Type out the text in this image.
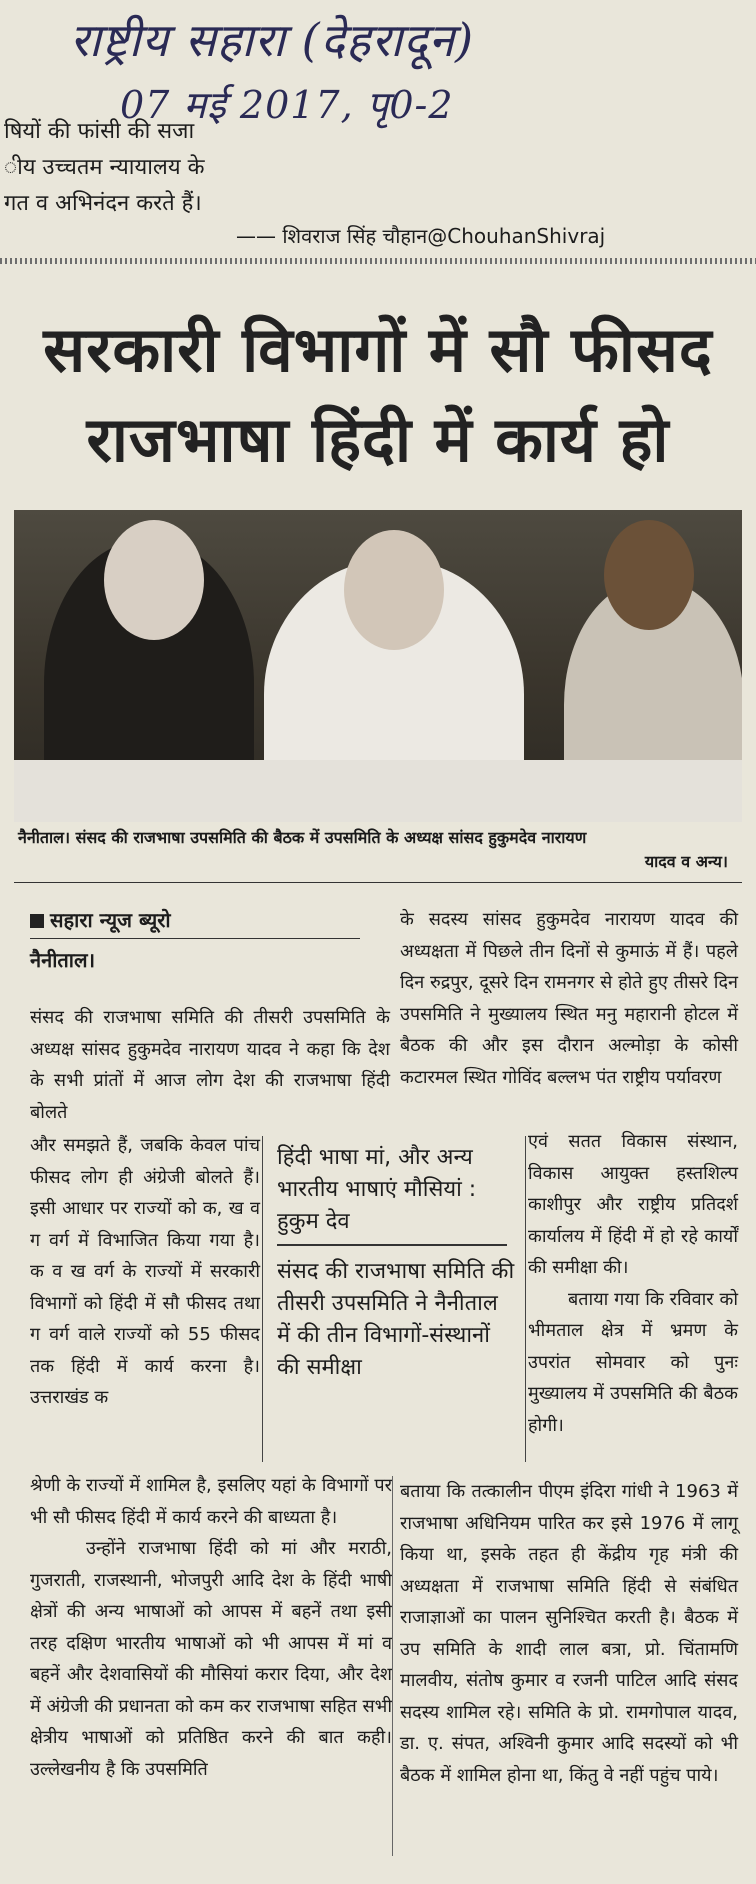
राष्ट्रीय सहारा (देहरादून)
07 मई 2017, पृ0-2
षियों की फांसी की सजा
ीय उच्चतम न्यायालय के
गत व अभिनंदन करते हैं।
—— शिवराज सिंह चौहान@ChouhanShivraj
सरकारी विभागों में सौ फीसद
राजभाषा हिंदी में कार्य हो
नैनीताल। संसद की राजभाषा उपसमिति की बैठक में उपसमिति के अध्यक्ष सांसद हुकुमदेव नारायण
यादव व अन्य।
सहारा न्यूज ब्यूरो
नैनीताल।

संसद की राजभाषा समिति की तीसरी उपसमिति के अध्यक्ष सांसद हुकुमदेव नारायण यादव ने कहा कि देश के सभी प्रांतों में आज लोग देश की राजभाषा हिंदी बोलते

और समझते हैं, जबकि केवल पांच फीसद लोग ही अंग्रेजी बोलते हैं। इसी आधार पर राज्यों को क, ख व ग वर्ग में विभाजित किया गया है। क व ख वर्ग के राज्यों में सरकारी विभागों को हिंदी में सौ फीसद तथा ग वर्ग वाले राज्यों को 55 फीसद तक हिंदी में कार्य करना है। उत्तराखंड क

श्रेणी के राज्यों में शामिल है, इसलिए यहां के विभागों पर भी सौ फीसद हिंदी में कार्य करने की बाध्यता है।

उन्होंने राजभाषा हिंदी को मां और मराठी, गुजराती, राजस्थानी, भोजपुरी आदि देश के हिंदी भाषी क्षेत्रों की अन्य भाषाओं को आपस में बहनें तथा इसी तरह दक्षिण भारतीय भाषाओं को भी आपस में मां व बहनें और देशवासियों की मौसियां करार दिया, और देश में अंग्रेजी की प्रधानता को कम कर राजभाषा सहित सभी क्षेत्रीय भाषाओं को प्रतिष्ठित करने की बात कही। उल्लेखनीय है कि उपसमिति

हिंदी भाषा मां, और अन्य भारतीय भाषाएं मौसियां : हुकुम देव
संसद की राजभाषा समिति की तीसरी उपसमिति ने नैनीताल में की तीन विभागों-संस्थानों की समीक्षा

के सदस्य सांसद हुकुमदेव नारायण यादव की अध्यक्षता में पिछले तीन दिनों से कुमाऊं में हैं। पहले दिन रुद्रपुर, दूसरे दिन रामनगर से होते हुए तीसरे दिन उपसमिति ने मुख्यालय स्थित मनु महारानी होटल में बैठक की और इस दौरान अल्मोड़ा के कोसी कटारमल स्थित गोविंद बल्लभ पंत राष्ट्रीय पर्यावरण

एवं सतत विकास संस्थान, विकास आयुक्त हस्तशिल्प काशीपुर और राष्ट्रीय प्रतिदर्श कार्यालय में हिंदी में हो रहे कार्यों की समीक्षा की।

बताया गया कि रविवार को भीमताल क्षेत्र में भ्रमण के उपरांत सोमवार को पुनः मुख्यालय में उपसमिति की बैठक होगी।

बताया कि तत्कालीन पीएम इंदिरा गांधी ने 1963 में राजभाषा अधिनियम पारित कर इसे 1976 में लागू किया था, इसके तहत ही केंद्रीय गृह मंत्री की अध्यक्षता में राजभाषा समिति हिंदी से संबंधित राजाज्ञाओं का पालन सुनिश्चित करती है। बैठक में उप समिति के शादी लाल बत्रा, प्रो. चिंतामणि मालवीय, संतोष कुमार व रजनी पाटिल आदि संसद सदस्य शामिल रहे। समिति के प्रो. रामगोपाल यादव, डा. ए. संपत, अश्विनी कुमार आदि सदस्यों को भी बैठक में शामिल होना था, किंतु वे नहीं पहुंच पाये।
